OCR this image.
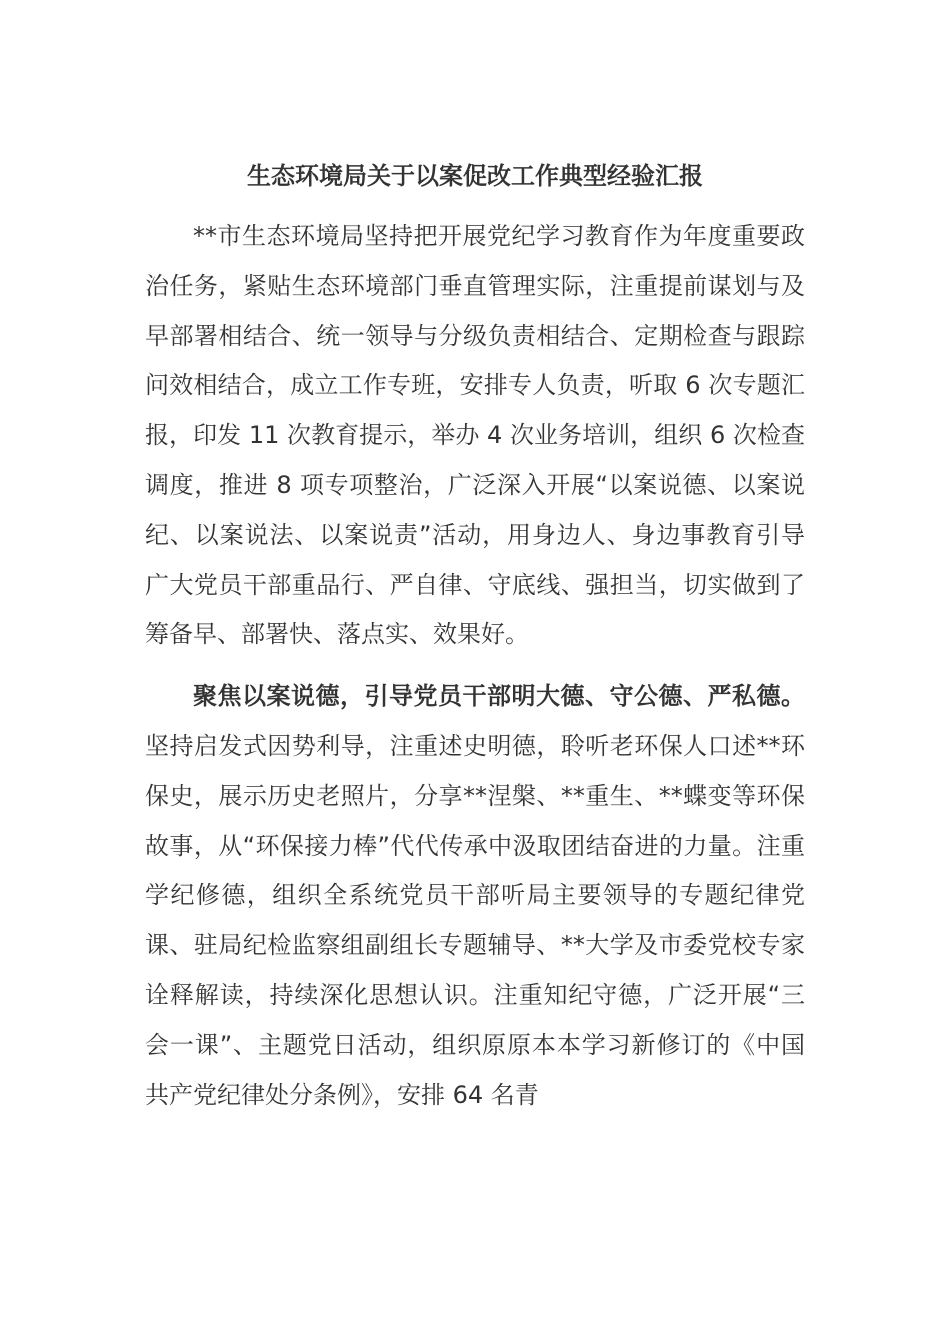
生态环境局关于以案促改工作典型经验汇报

**市生态环境局坚持把开展党纪学习教育作为年度重要政治任务，紧贴生态环境部门垂直管理实际，注重提前谋划与及早部署相结合、统一领导与分级负责相结合、定期检查与跟踪问效相结合，成立工作专班，安排专人负责，听取 6 次专题汇报，印发 11 次教育提示，举办 4 次业务培训，组织 6 次检查调度，推进 8 项专项整治，广泛深入开展“以案说德、以案说纪、以案说法、以案说责”活动，用身边人、身边事教育引导广大党员干部重品行、严自律、守底线、强担当，切实做到了筹备早、部署快、落点实、效果好。

聚焦以案说德，引导党员干部明大德、守公德、严私德。坚持启发式因势利导，注重述史明德，聆听老环保人口述**环保史，展示历史老照片，分享**涅槃、**重生、**蝶变等环保故事，从“环保接力棒”代代传承中汲取团结奋进的力量。注重学纪修德，组织全系统党员干部听局主要领导的专题纪律党课、驻局纪检监察组副组长专题辅导、**大学及市委党校专家诠释解读，持续深化思想认识。注重知纪守德，广泛开展“三会一课”、主题党日活动，组织原原本本学习新修订的《中国共产党纪律处分条例》，安排 64 名青
